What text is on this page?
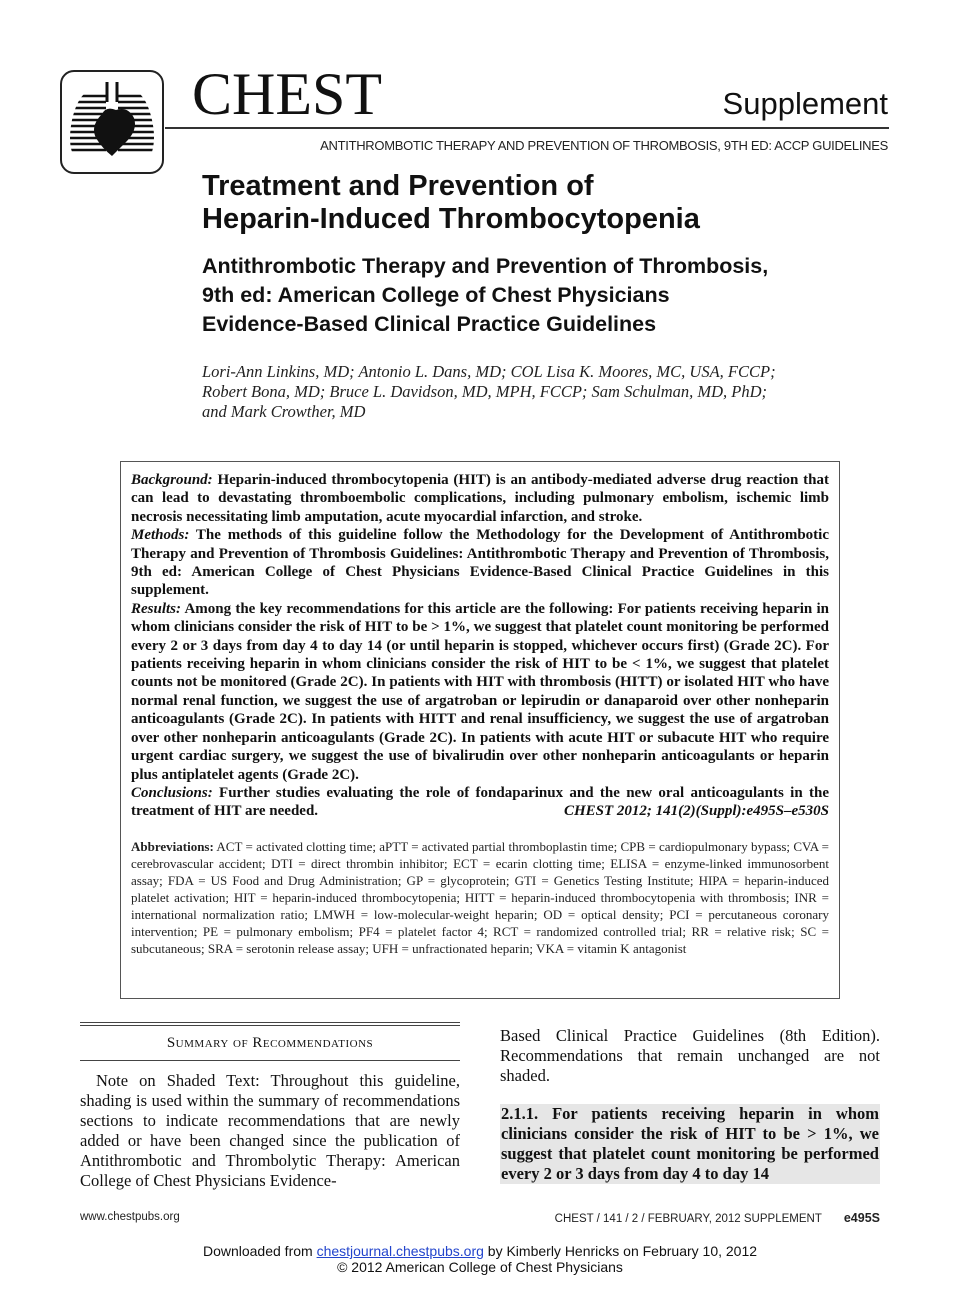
CHEST	Supplement
ANTITHROMBOTIC THERAPY AND PREVENTION OF THROMBOSIS, 9TH ED: ACCP GUIDELINES
Treatment and Prevention of
Heparin-Induced Thrombocytopenia
Antithrombotic Therapy and Prevention of Thrombosis,
9th ed: American College of Chest Physicians
Evidence-Based Clinical Practice Guidelines
Lori-Ann Linkins, MD; Antonio L. Dans, MD; COL Lisa K. Moores, MC, USA, FCCP;
Robert Bona, MD; Bruce L. Davidson, MD, MPH, FCCP; Sam Schulman, MD, PhD;
and Mark Crowther, MD

Background: Heparin-induced thrombocytopenia (HIT) is an antibody-mediated adverse drug reaction that can lead to devastating thromboembolic complications, including pulmonary embolism, ischemic limb necrosis necessitating limb amputation, acute myocardial infarction, and stroke.

Methods: The methods of this guideline follow the Methodology for the Development of Antithrombotic Therapy and Prevention of Thrombosis Guidelines: Antithrombotic Therapy and Prevention of Thrombosis, 9th ed: American College of Chest Physicians Evidence-Based Clinical Practice Guidelines in this supplement.

Results: Among the key recommendations for this article are the following: For patients receiving heparin in whom clinicians consider the risk of HIT to be > 1%, we suggest that platelet count monitoring be performed every 2 or 3 days from day 4 to day 14 (or until heparin is stopped, whichever occurs first) (Grade 2C). For patients receiving heparin in whom clinicians consider the risk of HIT to be < 1%, we suggest that platelet counts not be monitored (Grade 2C). In patients with HIT with thrombosis (HITT) or isolated HIT who have normal renal function, we suggest the use of argatroban or lepirudin or danaparoid over other nonheparin anticoagulants (Grade 2C). In patients with HITT and renal insufficiency, we suggest the use of argatroban over other nonheparin anticoagulants (Grade 2C). In patients with acute HIT or subacute HIT who require urgent cardiac surgery, we suggest the use of bivalirudin over other nonheparin anticoagulants or heparin plus antiplatelet agents (Grade 2C).

Conclusions: Further studies evaluating the role of fondaparinux and the new oral anticoagulants in the treatment of HIT are needed.	CHEST 2012; 141(2)(Suppl):e495S–e530S

Abbreviations: ACT = activated clotting time; aPTT = activated partial thromboplastin time; CPB = cardiopulmonary bypass; CVA = cerebrovascular accident; DTI = direct thrombin inhibitor; ECT = ecarin clotting time; ELISA = enzyme-linked immunosorbent assay; FDA = US Food and Drug Administration; GP = glycoprotein; GTI = Genetics Testing Institute; HIPA = heparin-induced platelet activation; HIT = heparin-induced thrombocytopenia; HITT = heparin-induced thrombocytopenia with thrombosis; INR = international normalization ratio; LMWH = low-molecular-weight heparin; OD = optical density; PCI = percutaneous coronary intervention; PE = pulmonary embolism; PF4 = platelet factor 4; RCT = randomized controlled trial; RR = relative risk; SC = subcutaneous; SRA = serotonin release assay; UFH = unfractionated heparin; VKA = vitamin K antagonist
Summary of Recommendations
Note on Shaded Text: Throughout this guideline, shading is used within the summary of recommendations sections to indicate recommendations that are newly added or have been changed since the publication of Antithrombotic and Thrombolytic Therapy: American College of Chest Physicians Evidence-
Based Clinical Practice Guidelines (8th Edition). Recommendations that remain unchanged are not shaded.
2.1.1. For patients receiving heparin in whom clinicians consider the risk of HIT to be > 1%, we suggest that platelet count monitoring be performed every 2 or 3 days from day 4 to day 14
www.chestpubs.org	CHEST / 141 / 2 / FEBRUARY, 2012 SUPPLEMENT e495S
Downloaded from chestjournal.chestpubs.org by Kimberly Henricks on February 10, 2012
© 2012 American College of Chest Physicians
